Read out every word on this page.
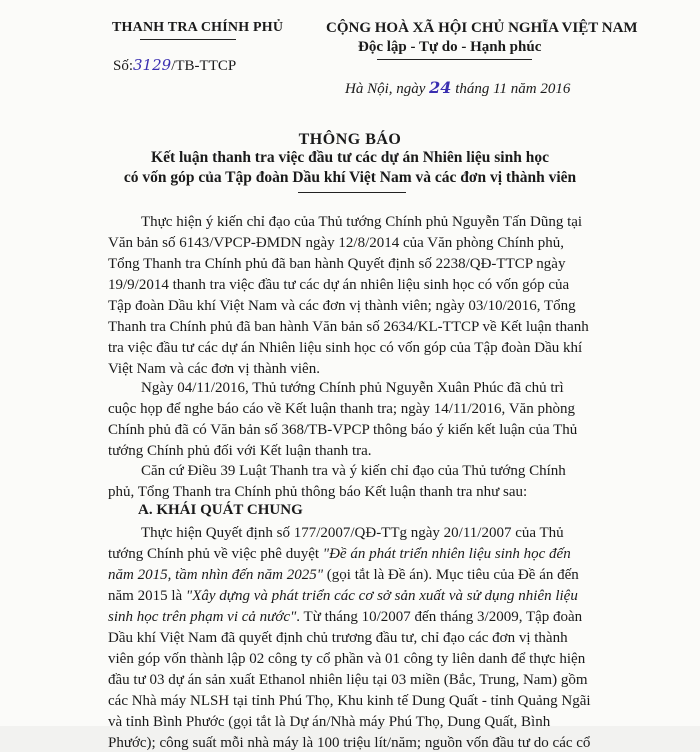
THANH TRA CHÍNH PHỦ
Số:3129/TB-TTCP
CỘNG HOÀ XÃ HỘI CHỦ NGHĨA VIỆT NAM
Độc lập - Tự do - Hạnh phúc
Hà Nội, ngày 24 tháng 11 năm 2016
THÔNG BÁO
Kết luận thanh tra việc đầu tư các dự án Nhiên liệu sinh học
có vốn góp của Tập đoàn Dầu khí Việt Nam và các đơn vị thành viên
Thực hiện ý kiến chỉ đạo của Thủ tướng Chính phủ Nguyễn Tấn Dũng tại
Văn bản số 6143/VPCP-ĐMDN ngày 12/8/2014 của Văn phòng Chính phủ,
Tổng Thanh tra Chính phủ đã ban hành Quyết định số 2238/QĐ-TTCP ngày
19/9/2014 thanh tra việc đầu tư các dự án nhiên liệu sinh học có vốn góp của
Tập đoàn Dầu khí Việt Nam và các đơn vị thành viên; ngày 03/10/2016, Tổng
Thanh tra Chính phủ đã ban hành Văn bản số 2634/KL-TTCP về Kết luận thanh
tra việc đầu tư các dự án Nhiên liệu sinh học có vốn góp của Tập đoàn Dầu khí
Việt Nam và các đơn vị thành viên.
Ngày 04/11/2016, Thủ tướng Chính phủ Nguyễn Xuân Phúc đã chủ trì
cuộc họp để nghe báo cáo về Kết luận thanh tra; ngày 14/11/2016, Văn phòng
Chính phủ đã có Văn bản số 368/TB-VPCP thông báo ý kiến kết luận của Thủ
tướng Chính phủ đối với Kết luận thanh tra.
Căn cứ Điều 39 Luật Thanh tra và ý kiến chỉ đạo của Thủ tướng Chính
phủ, Tổng Thanh tra Chính phủ thông báo Kết luận thanh tra như sau:
A. KHÁI QUÁT CHUNG
Thực hiện Quyết định số 177/2007/QĐ-TTg ngày 20/11/2007 của Thủ
tướng Chính phủ về việc phê duyệt "Đề án phát triển nhiên liệu sinh học đến
năm 2015, tầm nhìn đến năm 2025" (gọi tắt là Đề án). Mục tiêu của Đề án đến
năm 2015 là "Xây dựng và phát triển các cơ sở sản xuất và sử dụng nhiên liệu
sinh học trên phạm vi cả nước". Từ tháng 10/2007 đến tháng 3/2009, Tập đoàn
Dầu khí Việt Nam đã quyết định chủ trương đầu tư, chỉ đạo các đơn vị thành
viên góp vốn thành lập 02 công ty cổ phần và 01 công ty liên danh để thực hiện
đầu tư 03 dự án sản xuất Ethanol nhiên liệu tại 03 miền (Bắc, Trung, Nam) gồm
các Nhà máy NLSH tại tỉnh Phú Thọ, Khu kinh tế Dung Quất - tỉnh Quảng Ngãi
và tỉnh Bình Phước (gọi tắt là Dự án/Nhà máy Phú Thọ, Dung Quất, Bình
Phước); công suất mỗi nhà máy là 100 triệu lít/năm; nguồn vốn đầu tư do các cổ
